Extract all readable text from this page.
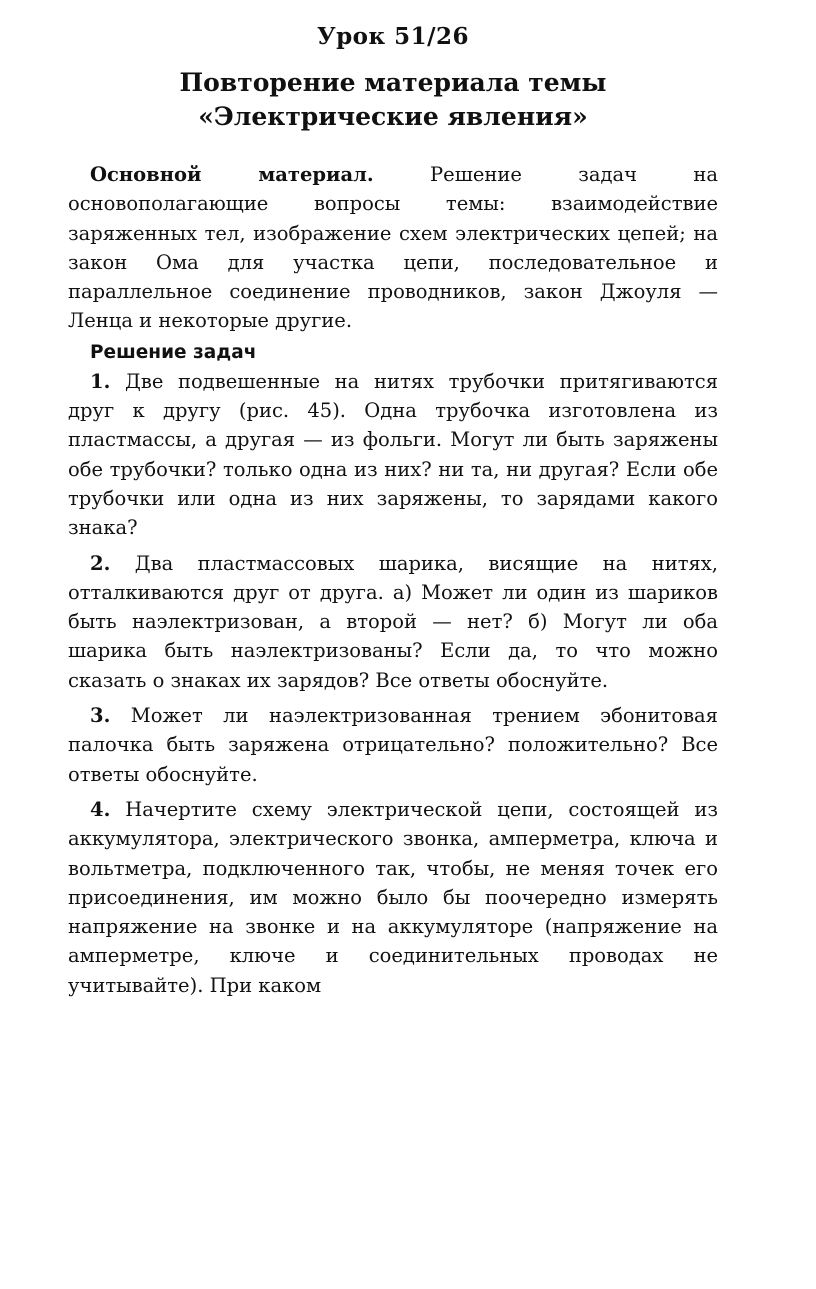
Урок 51/26
Повторение материала темы
«Электрические явления»

Основной материал. Решение задач на основополагающие вопросы темы: взаимодействие заряженных тел, изображение схем электрических цепей; на закон Ома для участка цепи, последовательное и параллельное соединение проводников, закон Джоуля — Ленца и некоторые другие.

Решение задач

1. Две подвешенные на нитях трубочки притягиваются друг к другу (рис. 45). Одна трубочка изготовлена из пластмассы, а другая — из фольги. Могут ли быть заряжены обе трубочки? только одна из них? ни та, ни другая? Если обе трубочки или одна из них заряжены, то зарядами какого знака?

2. Два пластмассовых шарика, висящие на нитях, отталкиваются друг от друга. а) Может ли один из шариков быть наэлектризован, а второй — нет? б) Могут ли оба шарика быть наэлектризованы? Если да, то что можно сказать о знаках их зарядов? Все ответы обоснуйте.

3. Может ли наэлектризованная трением эбонитовая палочка быть заряжена отрицательно? положительно? Все ответы обоснуйте.

4. Начертите схему электрической цепи, состоящей из аккумулятора, электрического звонка, амперметра, ключа и вольтметра, подключенного так, чтобы, не меняя точек его присоединения, им можно было бы поочередно измерять напряжение на звонке и на аккумуляторе (напряжение на амперметре, ключе и соединительных проводах не учитывайте). При каком
